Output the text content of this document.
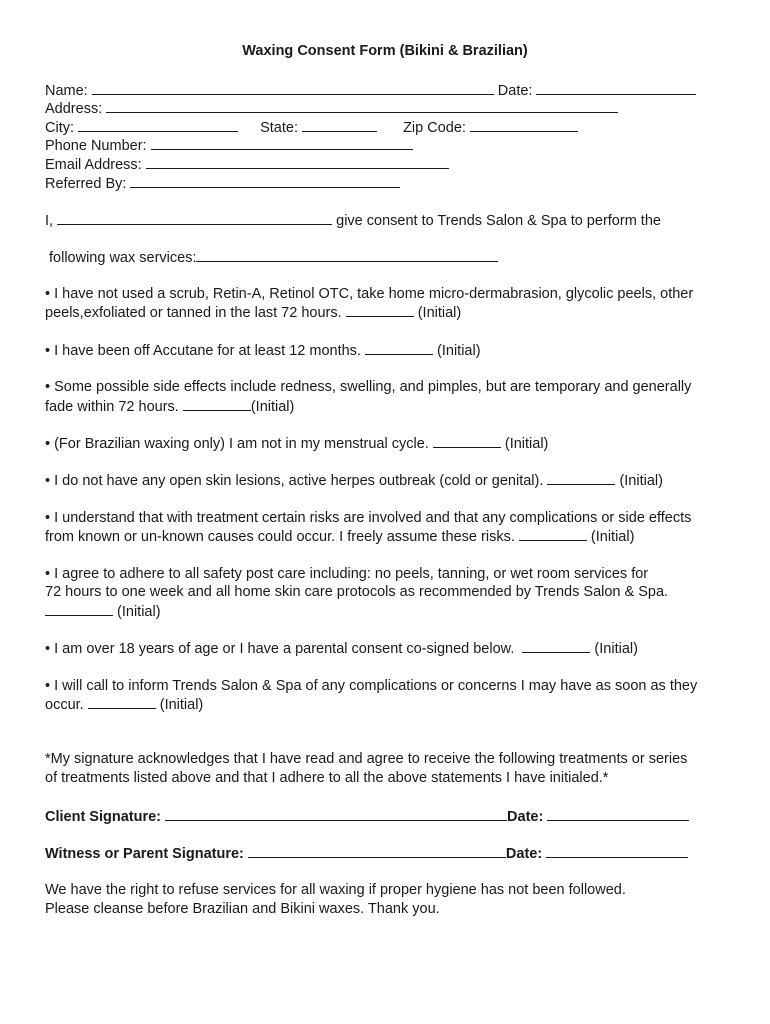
Waxing Consent Form (Bikini & Brazilian)

Name:	Date:

Address:

City:	State:	Zip Code:

Phone Number:

Email Address:

Referred By:

I,	give consent to Trends Salon & Spa to perform the

following wax services:

• I have not used a scrub, Retin-A, Retinol OTC, take home micro-dermabrasion, glycolic peels, other

peels,exfoliated or tanned in the last 72 hours.	(Initial)

• I have been off Accutane for at least 12 months.	(Initial)

• Some possible side effects include redness, swelling, and pimples, but are temporary and generally

fade within 72 hours.	(Initial)

• (For Brazilian waxing only) I am not in my menstrual cycle.	(Initial)

• I do not have any open skin lesions, active herpes outbreak (cold or genital).	(Initial)

• I understand that with treatment certain risks are involved and that any complications or side effects

from known or un-known causes could occur. I freely assume these risks.	(Initial)

• I agree to adhere to all safety post care including: no peels, tanning, or wet room services for

72 hours to one week and all home skin care protocols as recommended by Trends Salon & Spa.

(Initial)

• I am over 18 years of age or I have a parental consent co-signed below.	(Initial)

• I will call to inform Trends Salon & Spa of any complications or concerns I may have as soon as they

occur.	(Initial)

*My signature acknowledges that I have read and agree to receive the following treatments or series

of treatments listed above and that I adhere to all the above statements I have initialed.*

Client Signature:	Date:

Witness or Parent Signature:	Date:

We have the right to refuse services for all waxing if proper hygiene has not been followed.

Please cleanse before Brazilian and Bikini waxes. Thank you.
